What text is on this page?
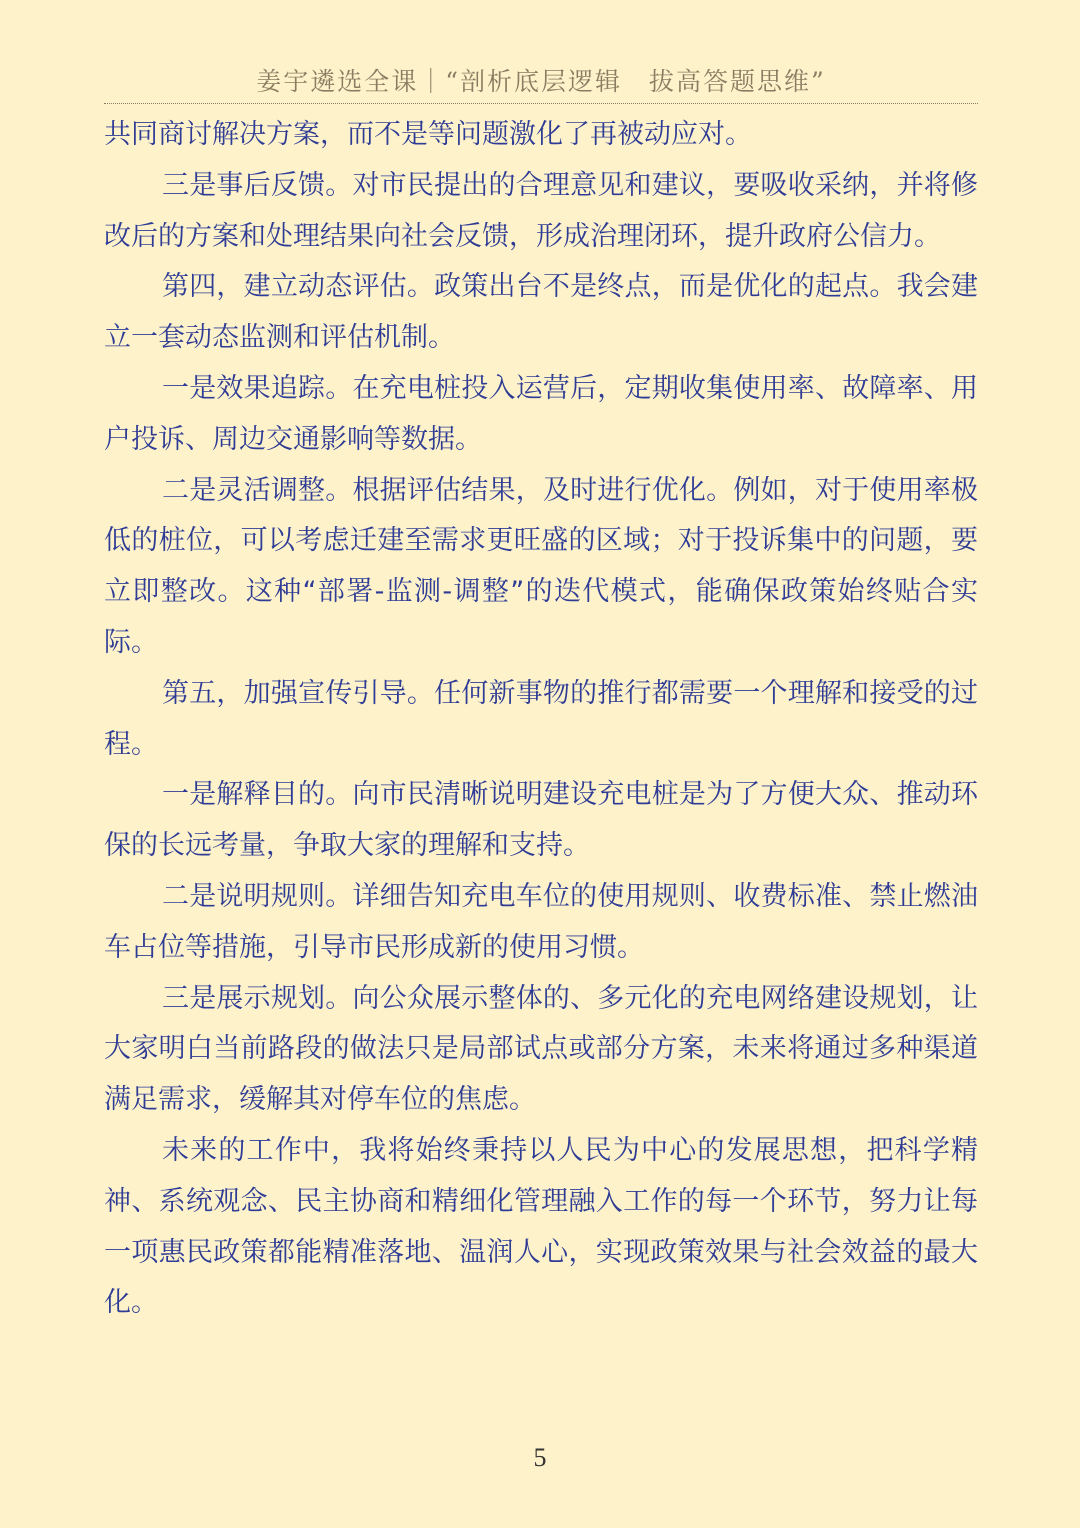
姜宇遴选全课｜“剖析底层逻辑　拔高答题思维”

共同商讨解决方案，而不是等问题激化了再被动应对。

三是事后反馈。对市民提出的合理意见和建议，要吸收采纳，并将修改后的方案和处理结果向社会反馈，形成治理闭环，提升政府公信力。

第四，建立动态评估。政策出台不是终点，而是优化的起点。我会建立一套动态监测和评估机制。

一是效果追踪。在充电桩投入运营后，定期收集使用率、故障率、用户投诉、周边交通影响等数据。

二是灵活调整。根据评估结果，及时进行优化。例如，对于使用率极低的桩位，可以考虑迁建至需求更旺盛的区域；对于投诉集中的问题，要立即整改。这种“部署-监测-调整”的迭代模式，能确保政策始终贴合实际。

第五，加强宣传引导。任何新事物的推行都需要一个理解和接受的过程。

一是解释目的。向市民清晰说明建设充电桩是为了方便大众、推动环保的长远考量，争取大家的理解和支持。

二是说明规则。详细告知充电车位的使用规则、收费标准、禁止燃油车占位等措施，引导市民形成新的使用习惯。

三是展示规划。向公众展示整体的、多元化的充电网络建设规划，让大家明白当前路段的做法只是局部试点或部分方案，未来将通过多种渠道满足需求，缓解其对停车位的焦虑。

未来的工作中，我将始终秉持以人民为中心的发展思想，把科学精神、系统观念、民主协商和精细化管理融入工作的每一个环节，努力让每一项惠民政策都能精准落地、温润人心，实现政策效果与社会效益的最大化。

5
